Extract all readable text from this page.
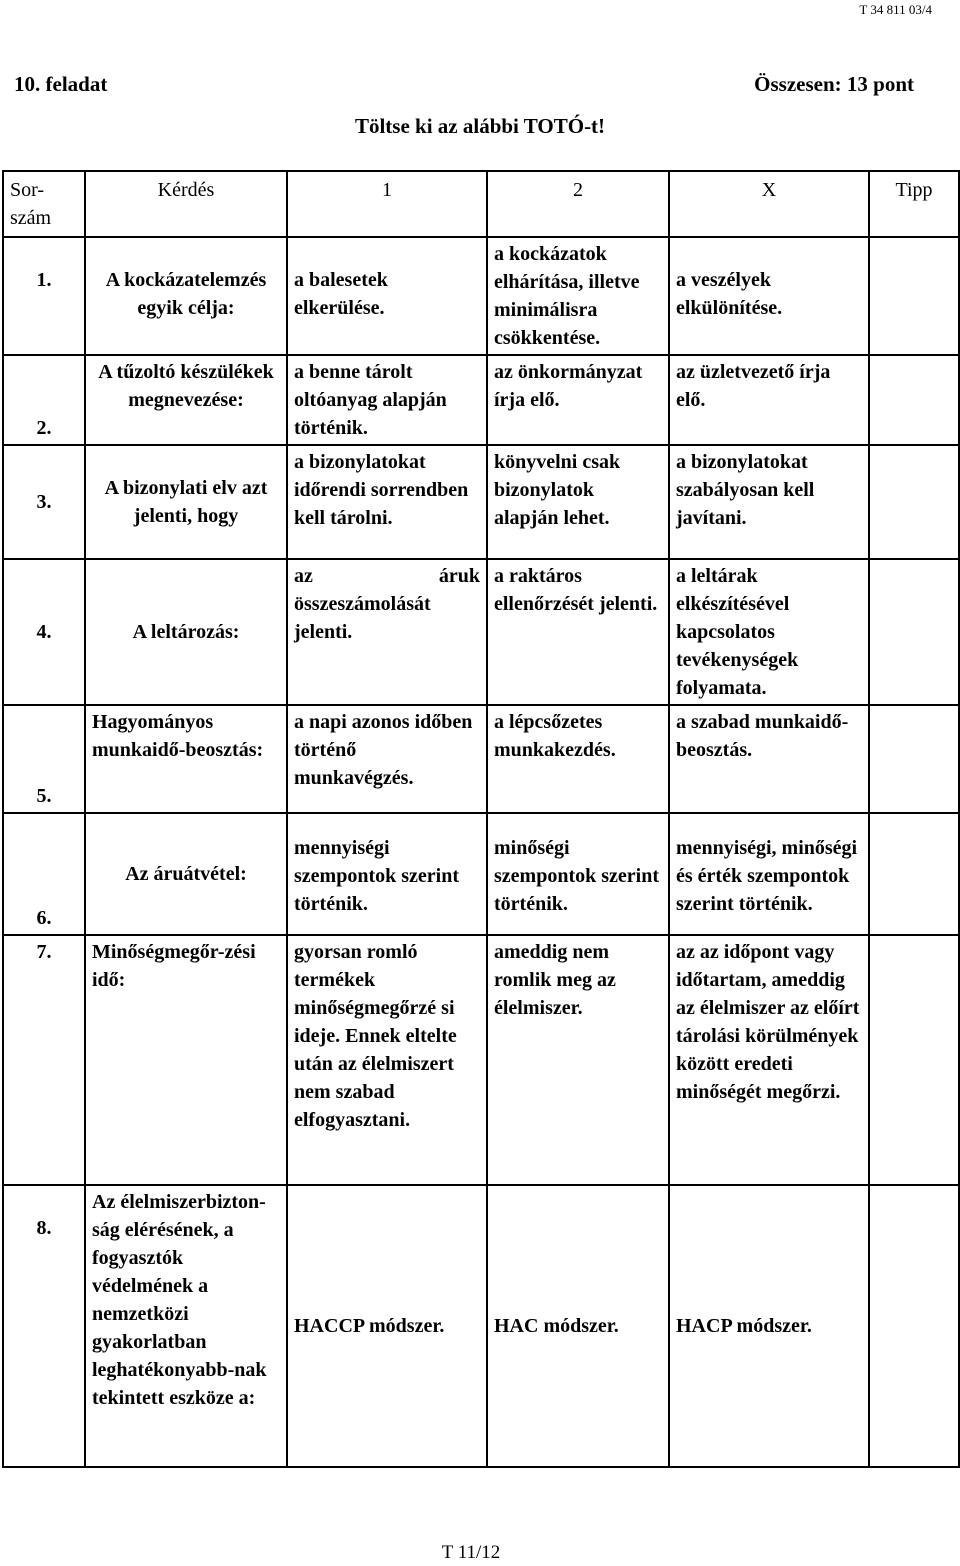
T 34 811 03/4
10. feladat	Összesen: 13 pont
Töltse ki az alábbi TOTÓ-t!
Sor-szám	Kérdés	1	2	X	Tipp
1.	A kockázatelemzés egyik célja:	a balesetek elkerülése.	a kockázatok elhárítása, illetve minimálisra csökkentése.	a veszélyek elkülönítése.	
2.	A tűzoltó készülékek megnevezése:	a benne tárolt oltóanyag alapján történik.	az önkormányzat írja elő.	az üzletvezető írja elő.	
3.	A bizonylati elv azt jelenti, hogy	a bizonylatokat időrendi sorrendben kell tárolni.	könyvelni csak bizonylatok alapján lehet.	a bizonylatokat szabályosan kell javítani.	
4.	A leltározás:	az áruk összeszámolását jelenti.	a raktáros ellenőrzését jelenti.	a leltárak elkészítésével kapcsolatos tevékenységek folyamata.	
5.	Hagyományos munkaidő-beosztás:	a napi azonos időben történő munkavégzés.	a lépcsőzetes munkakezdés.	a szabad munkaidő-beosztás.	
6.	Az áruátvétel:	mennyiségi szempontok szerint történik.	minőségi szempontok szerint történik.	mennyiségi, minőségi és érték szempontok szerint történik.	
7.	Minőségmegőr-zési idő:	gyorsan romló termékek minőségmegőrzé si ideje. Ennek eltelte után az élelmiszert nem szabad elfogyasztani.	ameddig nem romlik meg az élelmiszer.	az az időpont vagy időtartam, ameddig az élelmiszer az előírt tárolási körülmények között eredeti minőségét megőrzi.	
8.	Az élelmiszerbizton-ság elérésének, a fogyasztók védelmének a nemzetközi gyakorlatban leghatékonyabb-nak tekintett eszköze a:	HACCP módszer.	HAC módszer.	HACP módszer.	
T 11/12
